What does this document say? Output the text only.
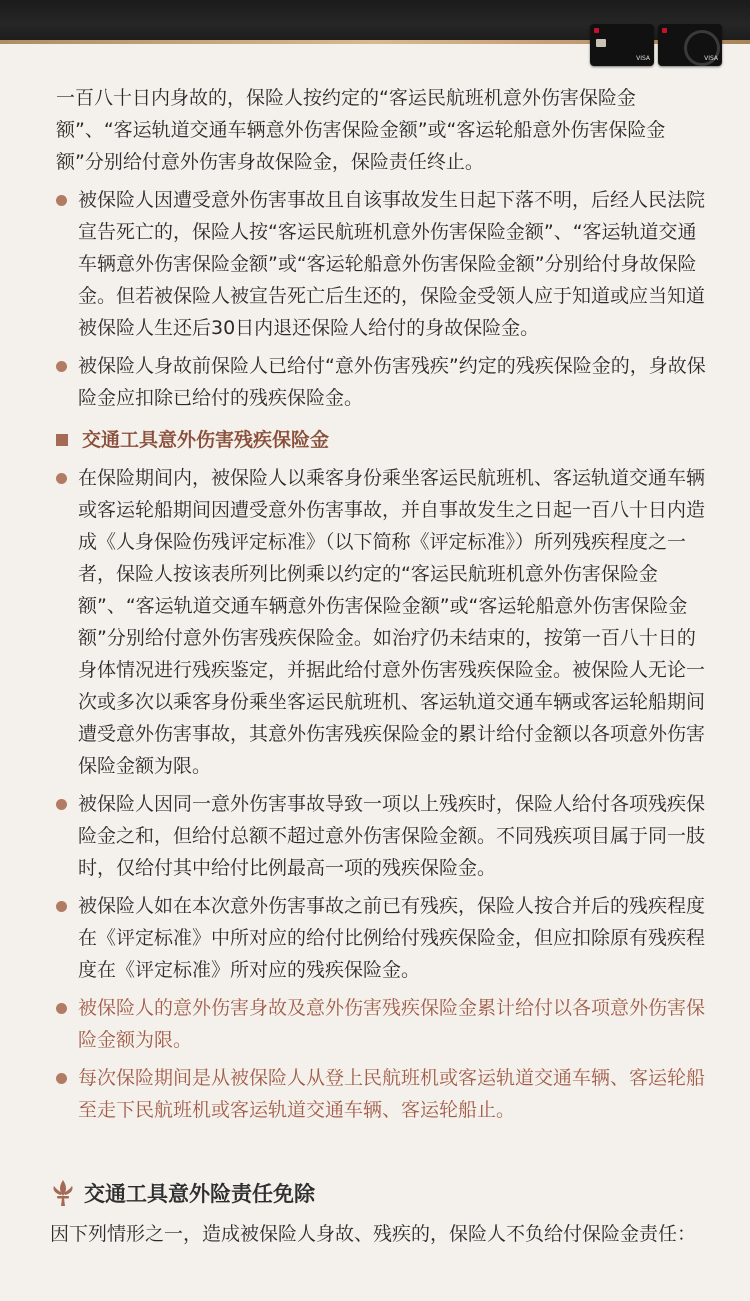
VISA	VISA

一百八十日内身故的，保险人按约定的“客运民航班机意外伤害保险金额”、“客运轨道交通车辆意外伤害保险金额”或“客运轮船意外伤害保险金额”分别给付意外伤害身故保险金，保险责任终止。

被保险人因遭受意外伤害事故且自该事故发生日起下落不明，后经人民法院宣告死亡的，保险人按“客运民航班机意外伤害保险金额”、“客运轨道交通车辆意外伤害保险金额”或“客运轮船意外伤害保险金额”分别给付身故保险金。但若被保险人被宣告死亡后生还的，保险金受领人应于知道或应当知道被保险人生还后30日内退还保险人给付的身故保险金。
被保险人身故前保险人已给付“意外伤害残疾”约定的残疾保险金的，身故保险金应扣除已给付的残疾保险金。
交通工具意外伤害残疾保险金
在保险期间内，被保险人以乘客身份乘坐客运民航班机、客运轨道交通车辆或客运轮船期间因遭受意外伤害事故，并自事故发生之日起一百八十日内造成《人身保险伤残评定标准》（以下简称《评定标准》）所列残疾程度之一者，保险人按该表所列比例乘以约定的“客运民航班机意外伤害保险金额”、“客运轨道交通车辆意外伤害保险金额”或“客运轮船意外伤害保险金额”分别给付意外伤害残疾保险金。如治疗仍未结束的，按第一百八十日的身体情况进行残疾鉴定，并据此给付意外伤害残疾保险金。被保险人无论一次或多次以乘客身份乘坐客运民航班机、客运轨道交通车辆或客运轮船期间遭受意外伤害事故，其意外伤害残疾保险金的累计给付金额以各项意外伤害保险金额为限。
被保险人因同一意外伤害事故导致一项以上残疾时，保险人给付各项残疾保险金之和，但给付总额不超过意外伤害保险金额。不同残疾项目属于同一肢时，仅给付其中给付比例最高一项的残疾保险金。
被保险人如在本次意外伤害事故之前已有残疾，保险人按合并后的残疾程度在《评定标准》中所对应的给付比例给付残疾保险金，但应扣除原有残疾程度在《评定标准》所对应的残疾保险金。
被保险人的意外伤害身故及意外伤害残疾保险金累计给付以各项意外伤害保险金额为限。
每次保险期间是从被保险人从登上民航班机或客运轨道交通车辆、客运轮船至走下民航班机或客运轨道交通车辆、客运轮船止。
交通工具意外险责任免除

因下列情形之一，造成被保险人身故、残疾的，保险人不负给付保险金责任：
